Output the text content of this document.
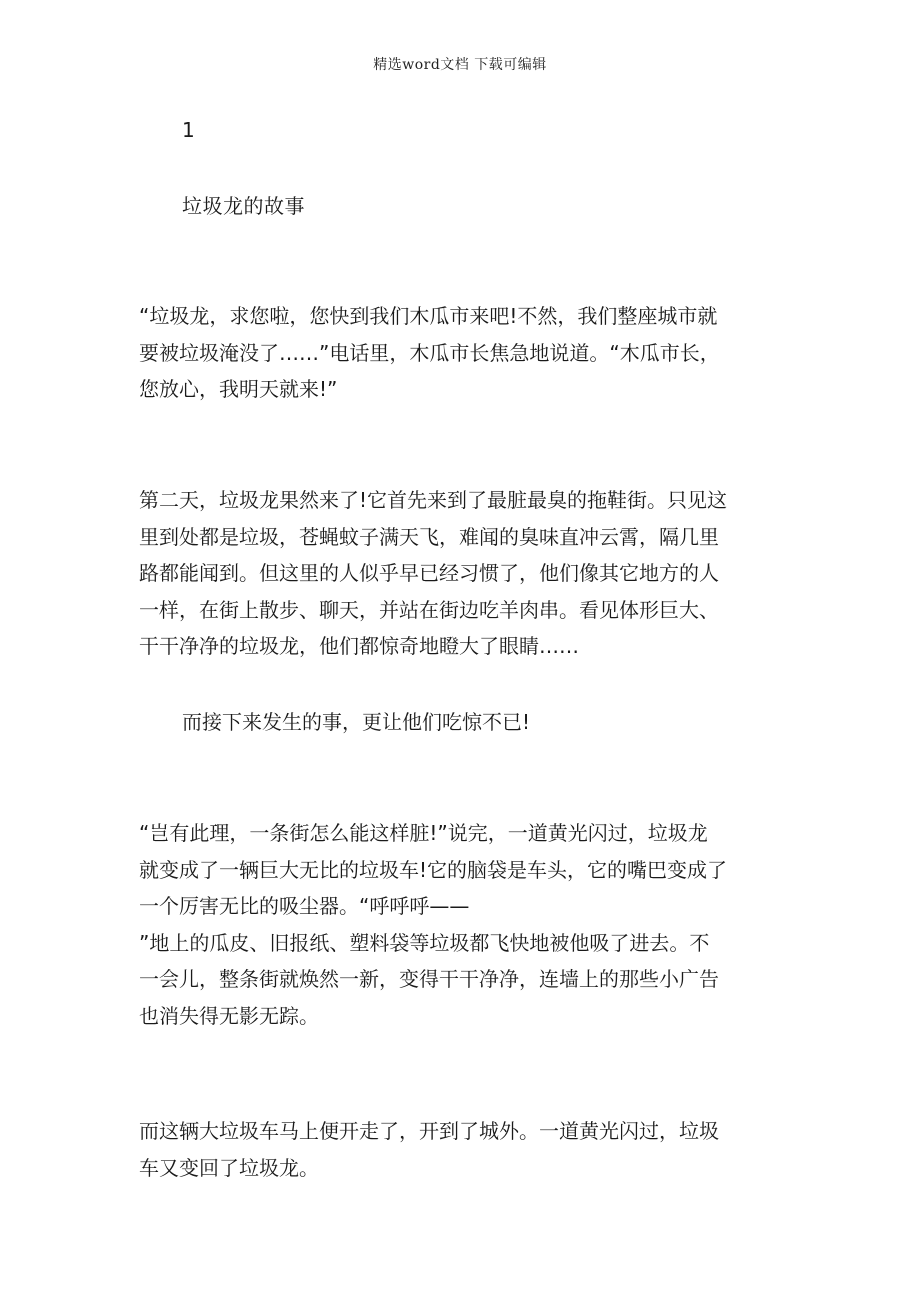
精选word文档 下载可编辑
1
垃圾龙的故事

“垃圾龙，求您啦，您快到我们木瓜市来吧!不然，我们整座城市就
要被垃圾淹没了……”电话里，木瓜市长焦急地说道。“木瓜市长，
您放心，我明天就来!”

第二天，垃圾龙果然来了!它首先来到了最脏最臭的拖鞋街。只见这
里到处都是垃圾，苍蝇蚊子满天飞，难闻的臭味直冲云霄，隔几里
路都能闻到。但这里的人似乎早已经习惯了，他们像其它地方的人
一样，在街上散步、聊天，并站在街边吃羊肉串。看见体形巨大、
干干净净的垃圾龙，他们都惊奇地瞪大了眼睛……

而接下来发生的事，更让他们吃惊不已!

“岂有此理，一条街怎么能这样脏!”说完，一道黄光闪过，垃圾龙
就变成了一辆巨大无比的垃圾车!它的脑袋是车头，它的嘴巴变成了
一个厉害无比的吸尘器。“呼呼呼——
”地上的瓜皮、旧报纸、塑料袋等垃圾都飞快地被他吸了进去。不
一会儿，整条街就焕然一新，变得干干净净，连墙上的那些小广告
也消失得无影无踪。

而这辆大垃圾车马上便开走了，开到了城外。一道黄光闪过，垃圾
车又变回了垃圾龙。
